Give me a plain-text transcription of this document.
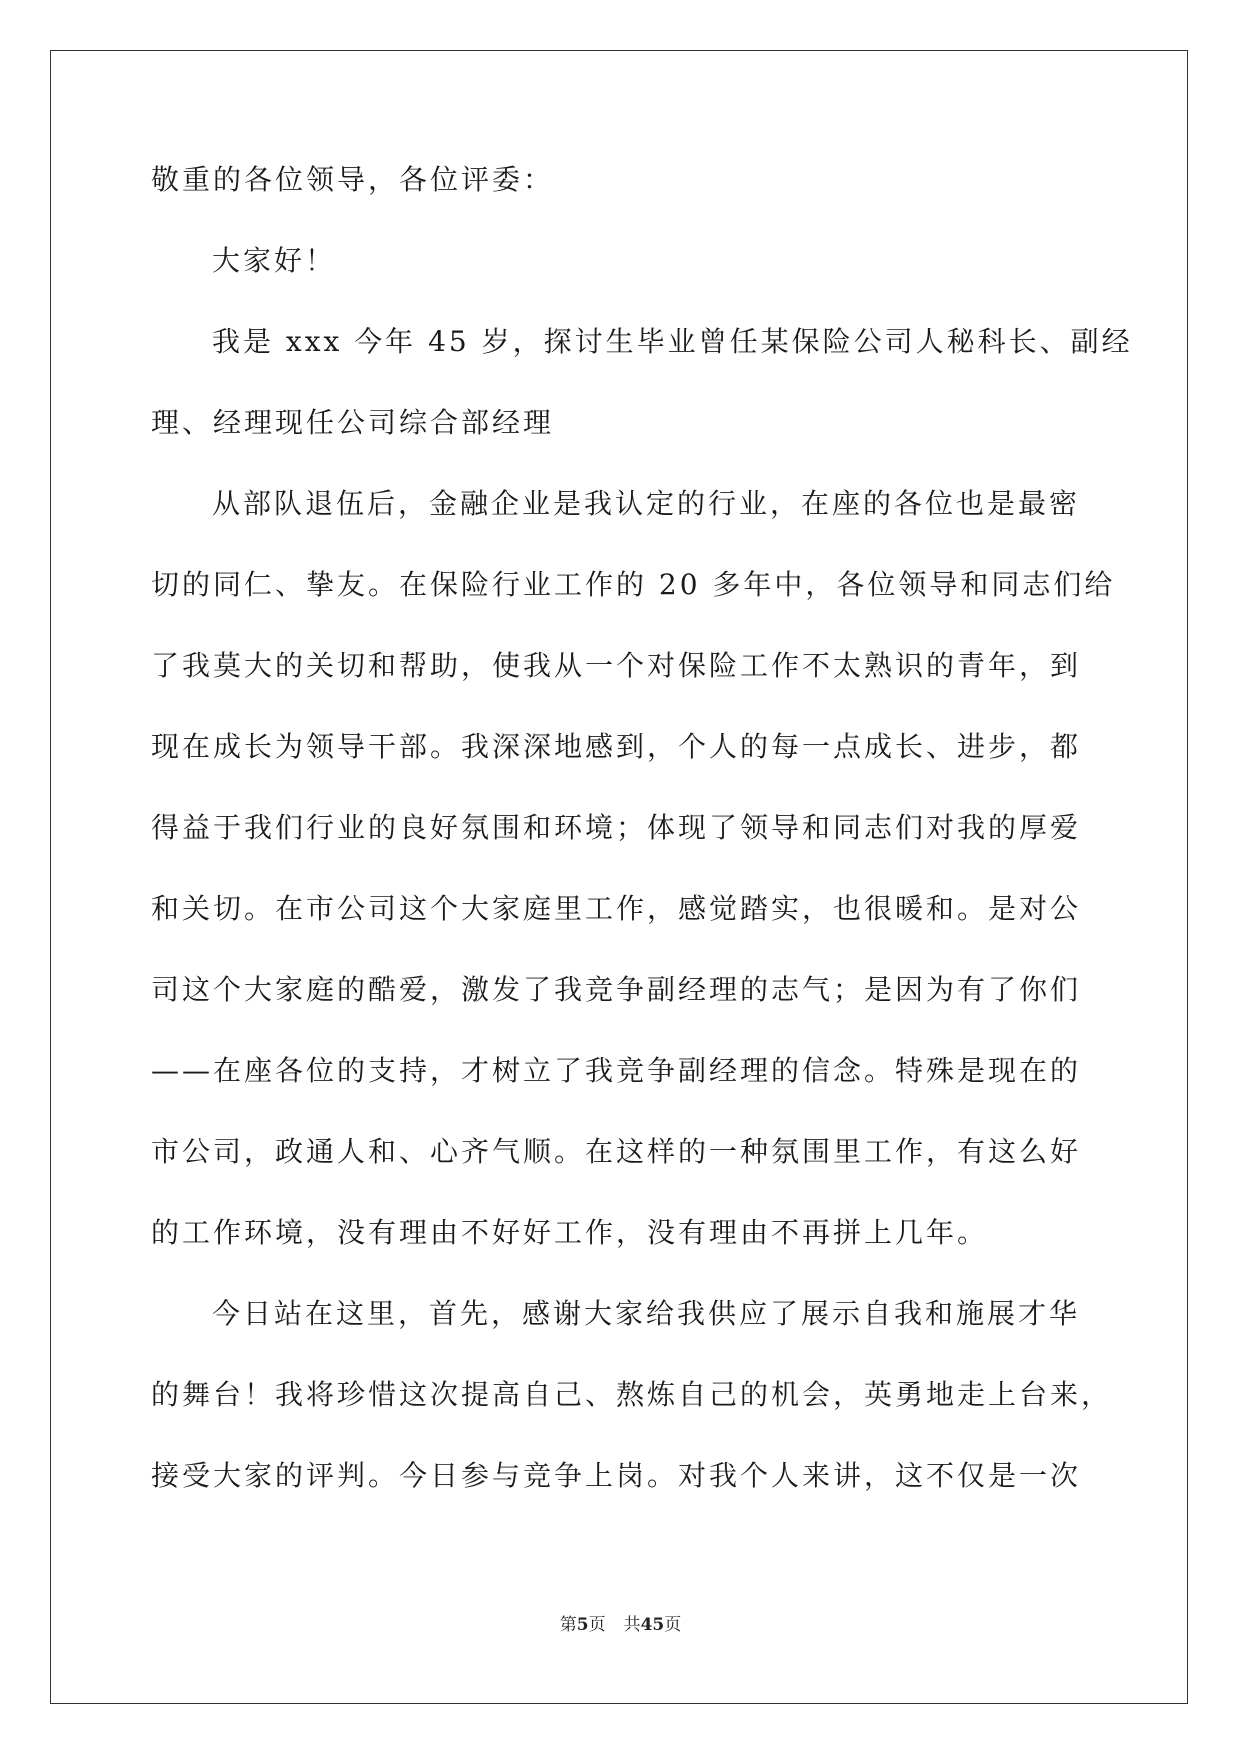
敬重的各位领导，各位评委：
大家好！
我是 xxx 今年 45 岁，探讨生毕业曾任某保险公司人秘科长、副经
理、经理现任公司综合部经理
从部队退伍后，金融企业是我认定的行业，在座的各位也是最密
切的同仁、挚友。在保险行业工作的 20 多年中，各位领导和同志们给
了我莫大的关切和帮助，使我从一个对保险工作不太熟识的青年，到
现在成长为领导干部。我深深地感到，个人的每一点成长、进步，都
得益于我们行业的良好氛围和环境；体现了领导和同志们对我的厚爱
和关切。在市公司这个大家庭里工作，感觉踏实，也很暖和。是对公
司这个大家庭的酷爱，激发了我竞争副经理的志气；是因为有了你们
——在座各位的支持，才树立了我竞争副经理的信念。特殊是现在的
市公司，政通人和、心齐气顺。在这样的一种氛围里工作，有这么好
的工作环境，没有理由不好好工作，没有理由不再拼上几年。
今日站在这里，首先，感谢大家给我供应了展示自我和施展才华
的舞台！我将珍惜这次提高自己、熬炼自己的机会，英勇地走上台来，
接受大家的评判。今日参与竞争上岗。对我个人来讲，这不仅是一次
第5页 共45页
